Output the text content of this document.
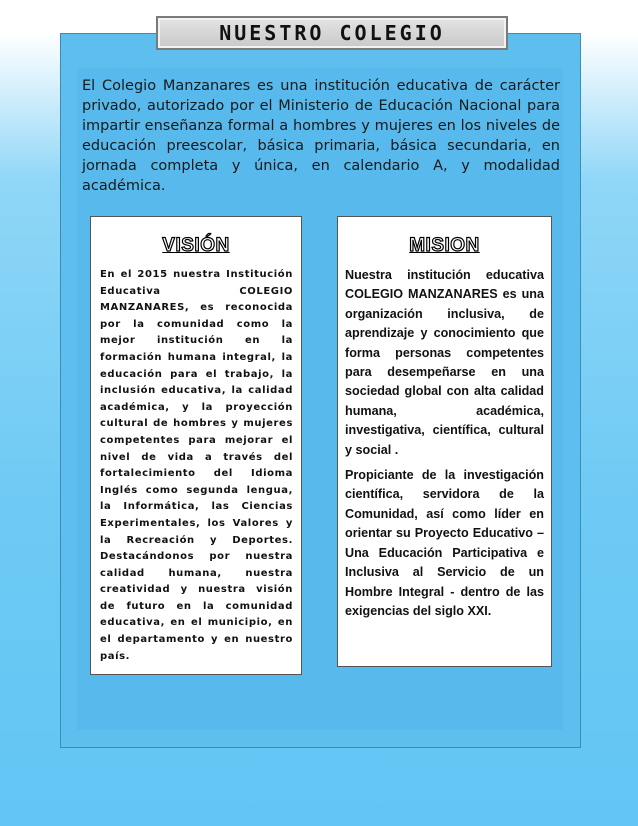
NUESTRO COLEGIO

El Colegio Manzanares es una institución educativa de carácter privado, autorizado por el Ministerio de Educación Nacional para impartir enseñanza formal a hombres y mujeres en los niveles de educación preescolar, básica primaria, básica secundaria, en jornada completa y única, en calendario A, y modalidad académica.

VISIÓN
En el 2015 nuestra Institución Educativa COLEGIO MANZANARES, es reconocida por la comunidad como la mejor institución en la formación humana integral, la educación para el trabajo, la inclusión educativa, la calidad académica, y la proyección cultural de hombres y mujeres competentes para mejorar el nivel de vida a través del fortalecimiento del Idioma Inglés como segunda lengua, la Informática, las Ciencias Experimentales, los Valores y la Recreación y Deportes. Destacándonos por nuestra calidad humana, nuestra creatividad y nuestra visión de futuro en la comunidad educativa, en el municipio, en el departamento y en nuestro país.
MISION

Nuestra institución educativa COLEGIO MANZANARES es una organización inclusiva, de aprendizaje y conocimiento que forma personas competentes para desempeñarse en una sociedad global con alta calidad humana, académica, investigativa, científica, cultural y social .

Propiciante de la investigación científica, servidora de la Comunidad, así como líder en orientar su Proyecto Educativo – Una Educación Participativa e Inclusiva al Servicio de un Hombre Integral - dentro de las exigencias del siglo XXI.
